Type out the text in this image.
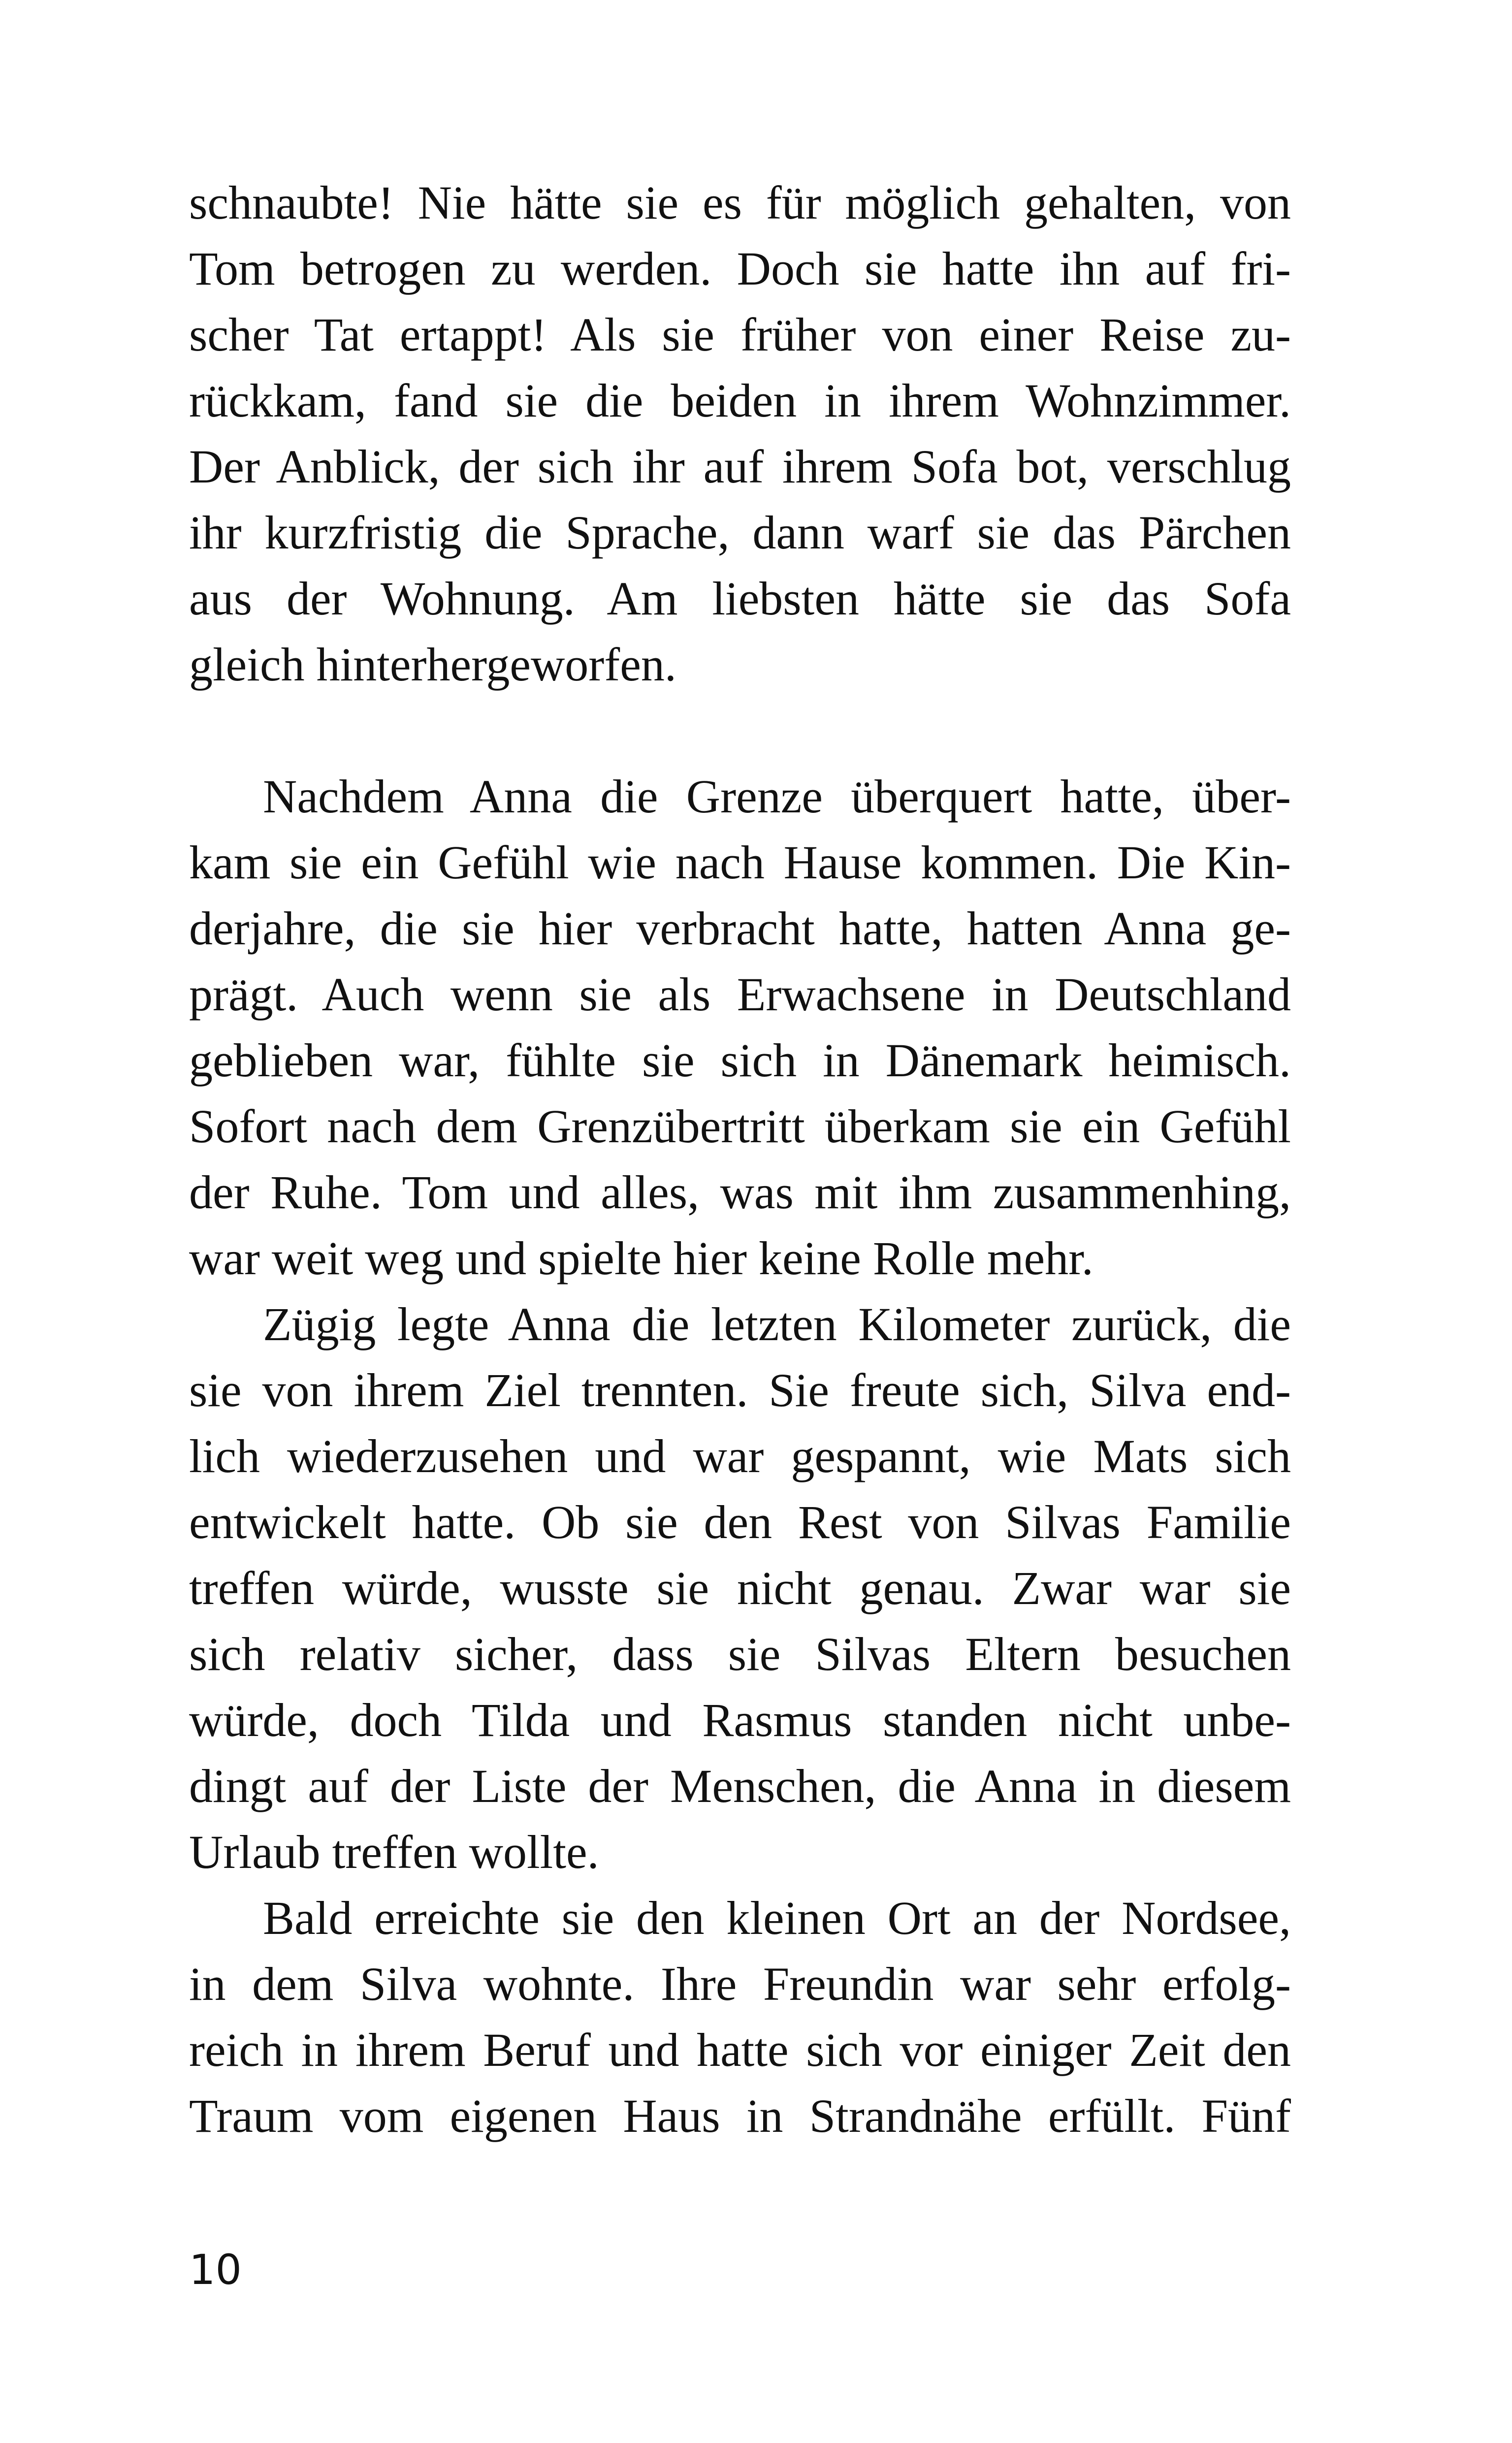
schnaubte! Nie hätte sie es für möglich gehalten, von
Tom betrogen zu werden. Doch sie hatte ihn auf fri-
scher Tat ertappt! Als sie früher von einer Reise zu-
rückkam, fand sie die beiden in ihrem Wohnzimmer.
Der Anblick, der sich ihr auf ihrem Sofa bot, verschlug
ihr kurzfristig die Sprache, dann warf sie das Pärchen
aus der Wohnung. Am liebsten hätte sie das Sofa
gleich hinterhergeworfen.
Nachdem Anna die Grenze überquert hatte, über-
kam sie ein Gefühl wie nach Hause kommen. Die Kin-
derjahre, die sie hier verbracht hatte, hatten Anna ge-
prägt. Auch wenn sie als Erwachsene in Deutschland
geblieben war, fühlte sie sich in Dänemark heimisch.
Sofort nach dem Grenzübertritt überkam sie ein Gefühl
der Ruhe. Tom und alles, was mit ihm zusammenhing,
war weit weg und spielte hier keine Rolle mehr.
Zügig legte Anna die letzten Kilometer zurück, die
sie von ihrem Ziel trennten. Sie freute sich, Silva end-
lich wiederzusehen und war gespannt, wie Mats sich
entwickelt hatte. Ob sie den Rest von Silvas Familie
treffen würde, wusste sie nicht genau. Zwar war sie
sich relativ sicher, dass sie Silvas Eltern besuchen
würde, doch Tilda und Rasmus standen nicht unbe-
dingt auf der Liste der Menschen, die Anna in diesem
Urlaub treffen wollte.
Bald erreichte sie den kleinen Ort an der Nordsee,
in dem Silva wohnte. Ihre Freundin war sehr erfolg-
reich in ihrem Beruf und hatte sich vor einiger Zeit den
Traum vom eigenen Haus in Strandnähe erfüllt. Fünf
10
